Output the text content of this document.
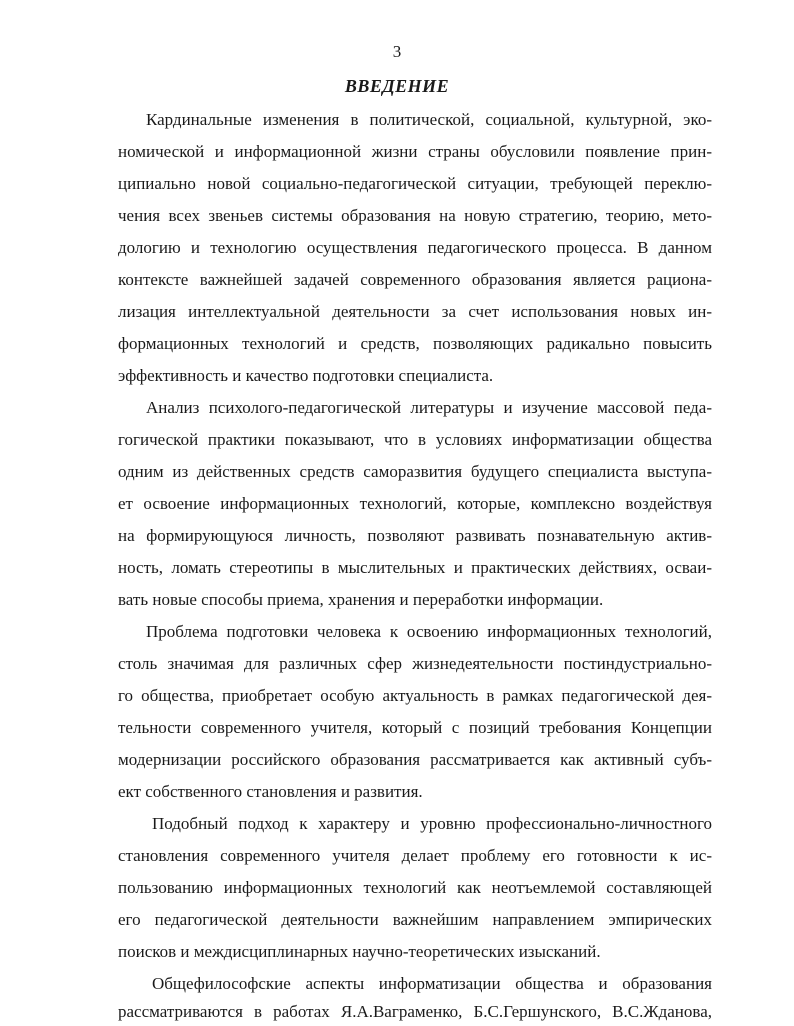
3
ВВЕДЕНИЕ
Кардинальные изменения в политической, социальной, культурной, эко-
номической и информационной жизни страны обусловили появление прин-
ципиально новой социально-педагогической ситуации, требующей переклю-
чения всех звеньев системы образования на новую стратегию, теорию, мето-
дологию и технологию осуществления педагогического процесса. В данном
контексте важнейшей задачей современного образования является рациона-
лизация интеллектуальной деятельности за счет использования новых ин-
формационных технологий и средств, позволяющих радикально повысить
эффективность и качество подготовки специалиста.
Анализ психолого-педагогической литературы и изучение массовой педа-
гогической практики показывают, что в условиях информатизации общества
одним из действенных средств саморазвития будущего специалиста выступа-
ет освоение информационных технологий, которые, комплексно воздействуя
на формирующуюся личность, позволяют развивать познавательную актив-
ность, ломать стереотипы в мыслительных и практических действиях, осваи-
вать новые способы приема, хранения и переработки информации.
Проблема подготовки человека к освоению информационных технологий,
столь значимая для различных сфер жизнедеятельности постиндустриально-
го общества, приобретает особую актуальность в рамках педагогической дея-
тельности современного учителя, который с позиций требования Концепции
модернизации российского образования рассматривается как активный субъ-
ект собственного становления и развития.
Подобный подход к характеру и уровню профессионально-личностного
становления современного учителя делает проблему его готовности к ис-
пользованию информационных технологий как неотъемлемой составляющей
его педагогической деятельности важнейшим направлением эмпирических
поисков и междисциплинарных научно-теоретических изысканий.
Общефилософские аспекты информатизации общества и образования
рассматриваются в работах Я.А.Ваграменко, Б.С.Гершунского, В.С.Жданова,
